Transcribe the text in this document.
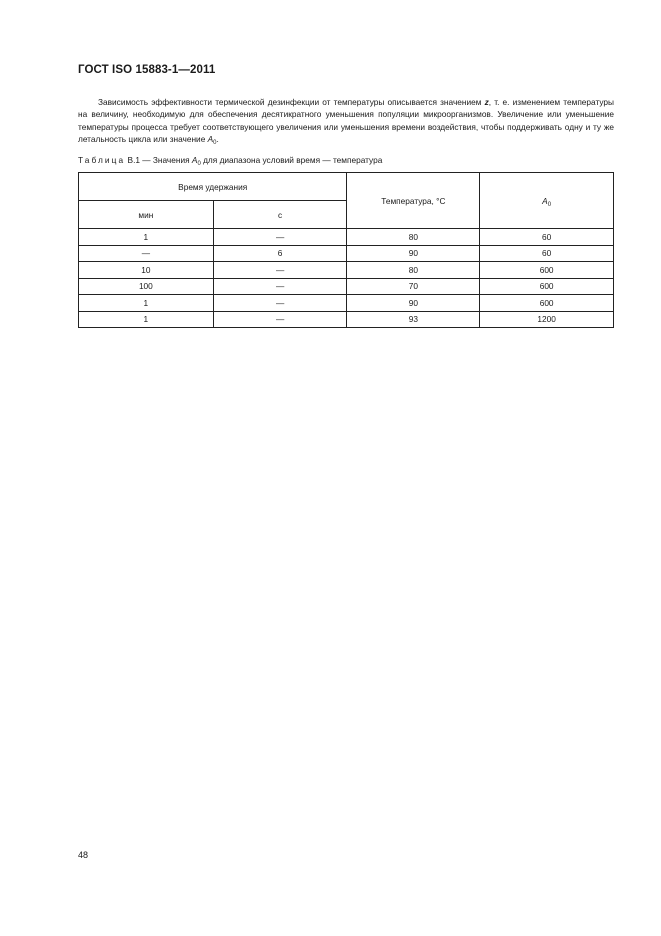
ГОСТ ISO 15883-1—2011

Зависимость эффективности термической дезинфекции от температуры описывается значением z, т. е. изменением температуры на величину, необходимую для обеспечения десятикратного уменьшения популяции микроорганизмов. Увеличение или уменьшение температуры процесса требует соответствующего увеличения или уменьшения времени воздействия, чтобы поддерживать одну и ту же летальность цикла или значение $A_0$.

Таблица В.1 — Значения $A_0$ для диапазона условий время — температура
Время удержания		Температура, °С	$A_0$
мин	с		
1	—	80	60
—	6	90	60
10	—	80	600
100	—	70	600
1	—	90	600
1	—	93	1200
48
